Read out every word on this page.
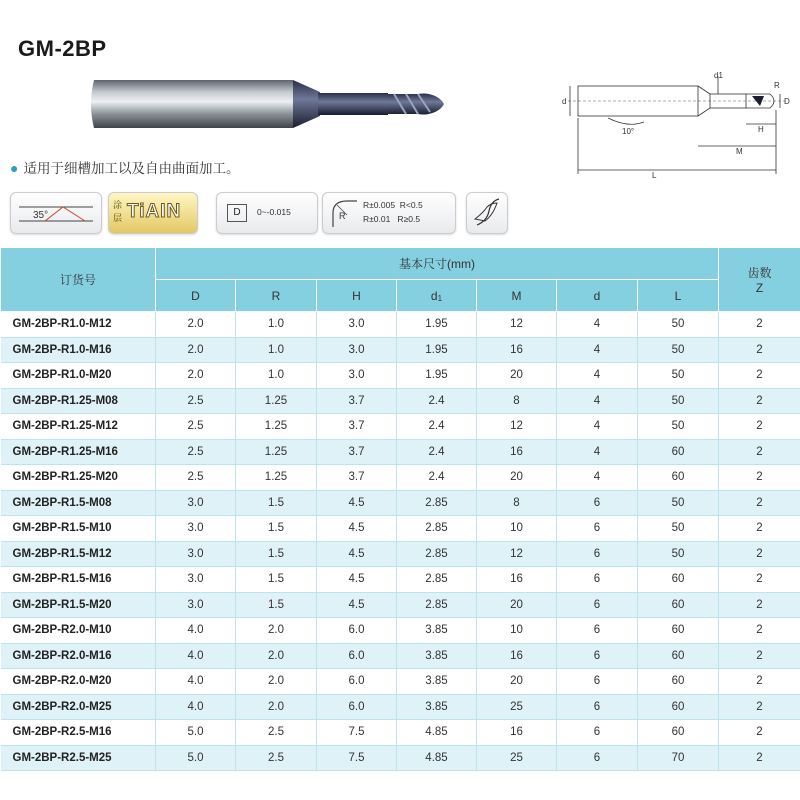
GM-2BP
d
d1
R
D
H
M
L
10°
● 适用于细槽加工以及自由曲面加工。
35°
涂层 TiAIN	D	0~-0.015	R
R±0.005  R<0.5
R±0.01   R≥0.5
订货号	基本尺寸(mm)							齿数
Z
	D	R	H	$d_1$	M	d	L	
GM-2BP-R1.0-M12	2.0	1.0	3.0	1.95	12	4	50	2
GM-2BP-R1.0-M16	2.0	1.0	3.0	1.95	16	4	50	2
GM-2BP-R1.0-M20	2.0	1.0	3.0	1.95	20	4	50	2
GM-2BP-R1.25-M08	2.5	1.25	3.7	2.4	8	4	50	2
GM-2BP-R1.25-M12	2.5	1.25	3.7	2.4	12	4	50	2
GM-2BP-R1.25-M16	2.5	1.25	3.7	2.4	16	4	60	2
GM-2BP-R1.25-M20	2.5	1.25	3.7	2.4	20	4	60	2
GM-2BP-R1.5-M08	3.0	1.5	4.5	2.85	8	6	50	2
GM-2BP-R1.5-M10	3.0	1.5	4.5	2.85	10	6	50	2
GM-2BP-R1.5-M12	3.0	1.5	4.5	2.85	12	6	50	2
GM-2BP-R1.5-M16	3.0	1.5	4.5	2.85	16	6	60	2
GM-2BP-R1.5-M20	3.0	1.5	4.5	2.85	20	6	60	2
GM-2BP-R2.0-M10	4.0	2.0	6.0	3.85	10	6	60	2
GM-2BP-R2.0-M16	4.0	2.0	6.0	3.85	16	6	60	2
GM-2BP-R2.0-M20	4.0	2.0	6.0	3.85	20	6	60	2
GM-2BP-R2.0-M25	4.0	2.0	6.0	3.85	25	6	60	2
GM-2BP-R2.5-M16	5.0	2.5	7.5	4.85	16	6	60	2
GM-2BP-R2.5-M25	5.0	2.5	7.5	4.85	25	6	70	2
